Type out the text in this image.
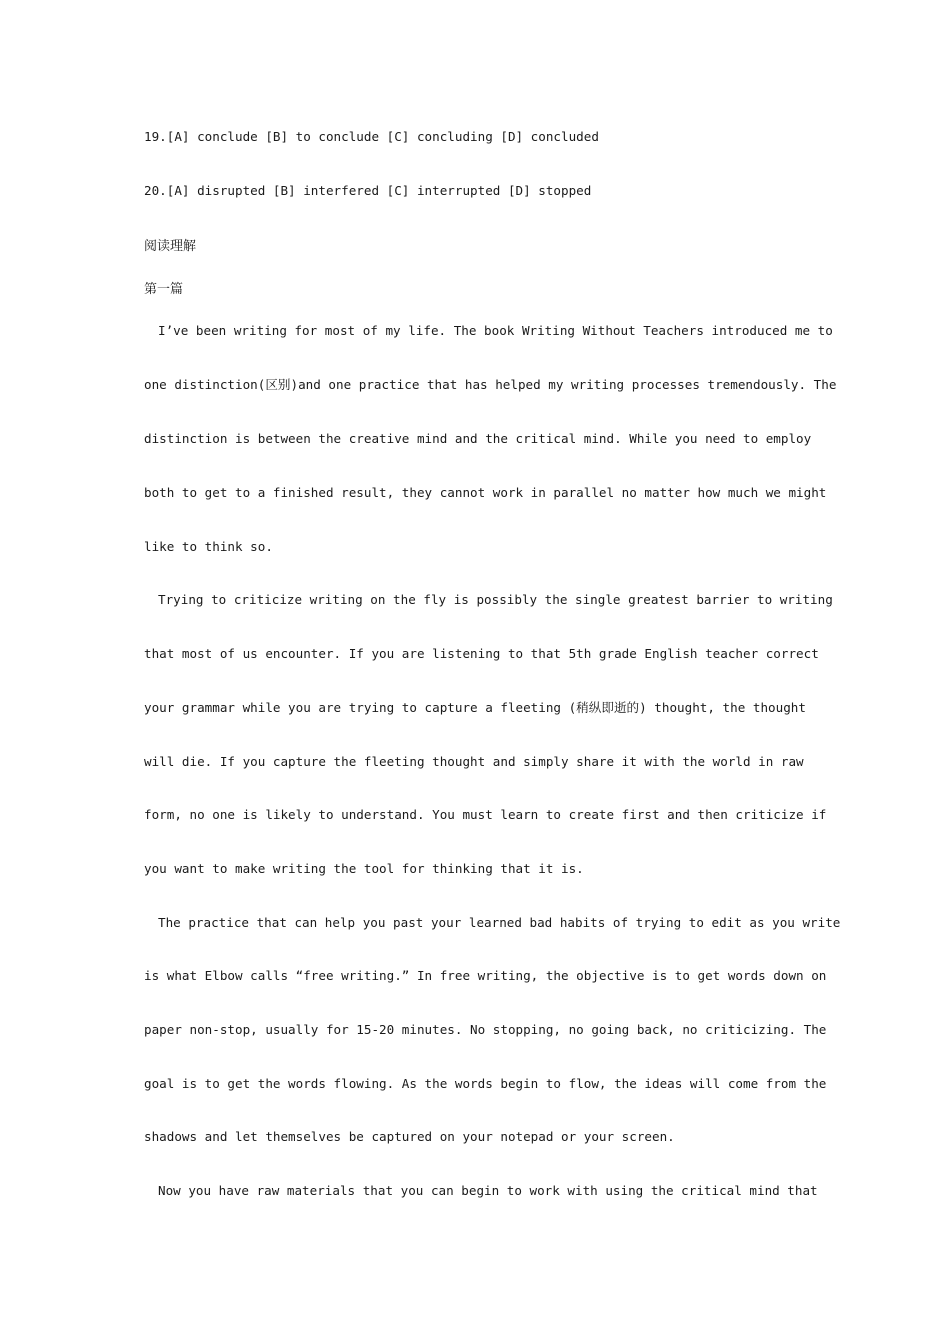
19.[A] conclude [B] to conclude [C] concluding [D] concluded
20.[A] disrupted [B] interfered [C] interrupted [D] stopped
阅读理解
第一篇
I’ve been writing for most of my life. The book Writing Without Teachers introduced me to
one distinction(区别)and one practice that has helped my writing processes tremendously. The
distinction is between the creative mind and the critical mind. While you need to employ
both to get to a finished result, they cannot work in parallel no matter how much we might
like to think so.
Trying to criticize writing on the fly is possibly the single greatest barrier to writing
that most of us encounter. If you are listening to that 5th grade English teacher correct
your grammar while you are trying to capture a fleeting (稍纵即逝的) thought, the thought
will die. If you capture the fleeting thought and simply share it with the world in raw
form, no one is likely to understand. You must learn to create first and then criticize if
you want to make writing the tool for thinking that it is.
The practice that can help you past your learned bad habits of trying to edit as you write
is what Elbow calls “free writing.” In free writing, the objective is to get words down on
paper non-stop, usually for 15-20 minutes. No stopping, no going back, no criticizing. The
goal is to get the words flowing. As the words begin to flow, the ideas will come from the
shadows and let themselves be captured on your notepad or your screen.
Now you have raw materials that you can begin to work with using the critical mind that
